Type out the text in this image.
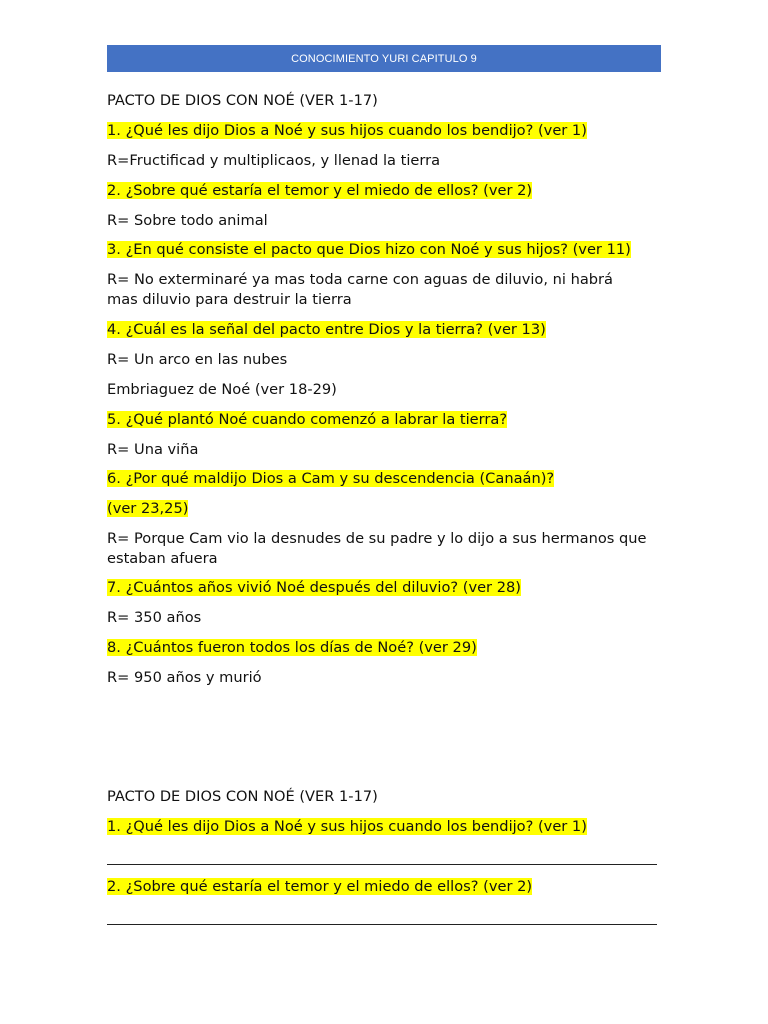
CONOCIMIENTO YURI CAPITULO 9
PACTO DE DIOS CON NOÉ (VER 1-17)
1. ¿Qué les dijo Dios a Noé y sus hijos cuando los bendijo? (ver 1)
R=Fructificad y multiplicaos, y llenad la tierra
2. ¿Sobre qué estaría el temor y el miedo de ellos? (ver 2)
R= Sobre todo animal
3. ¿En qué consiste el pacto que Dios hizo con Noé y sus hijos? (ver 11)
R= No exterminaré ya mas toda carne con aguas de diluvio, ni habrá mas diluvio para destruir la tierra
4. ¿Cuál es la señal del pacto entre Dios y la tierra? (ver 13)
R= Un arco en las nubes
Embriaguez de Noé (ver 18-29)
5. ¿Qué plantó Noé cuando comenzó a labrar la tierra?
R= Una viña
6. ¿Por qué maldijo Dios a Cam y su descendencia (Canaán)?
(ver 23,25)
R= Porque Cam vio la desnudes de su padre y lo dijo a sus hermanos que estaban afuera
7. ¿Cuántos años vivió Noé después del diluvio? (ver 28)
R= 350 años
8. ¿Cuántos fueron todos los días de Noé? (ver 29)
R= 950 años y murió
PACTO DE DIOS CON NOÉ (VER 1-17)
1. ¿Qué les dijo Dios a Noé y sus hijos cuando los bendijo? (ver 1)
2. ¿Sobre qué estaría el temor y el miedo de ellos? (ver 2)
